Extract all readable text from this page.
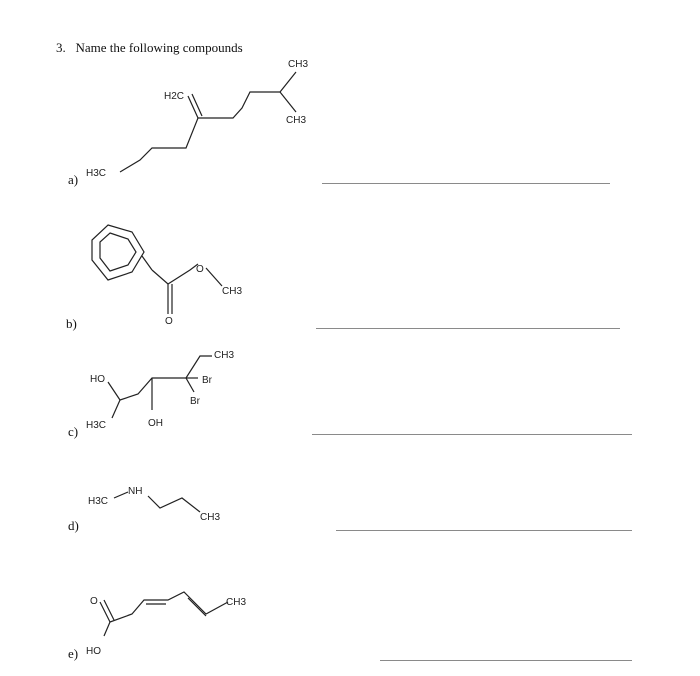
3. Name the following compounds
a)
b)
c)
d)
e)
H2C
CH3
CH3
H3C
O
CH3
O
HO
CH3
Br
Br
H3C	OH
NH
H3C
CH3
O	CH3
HO
